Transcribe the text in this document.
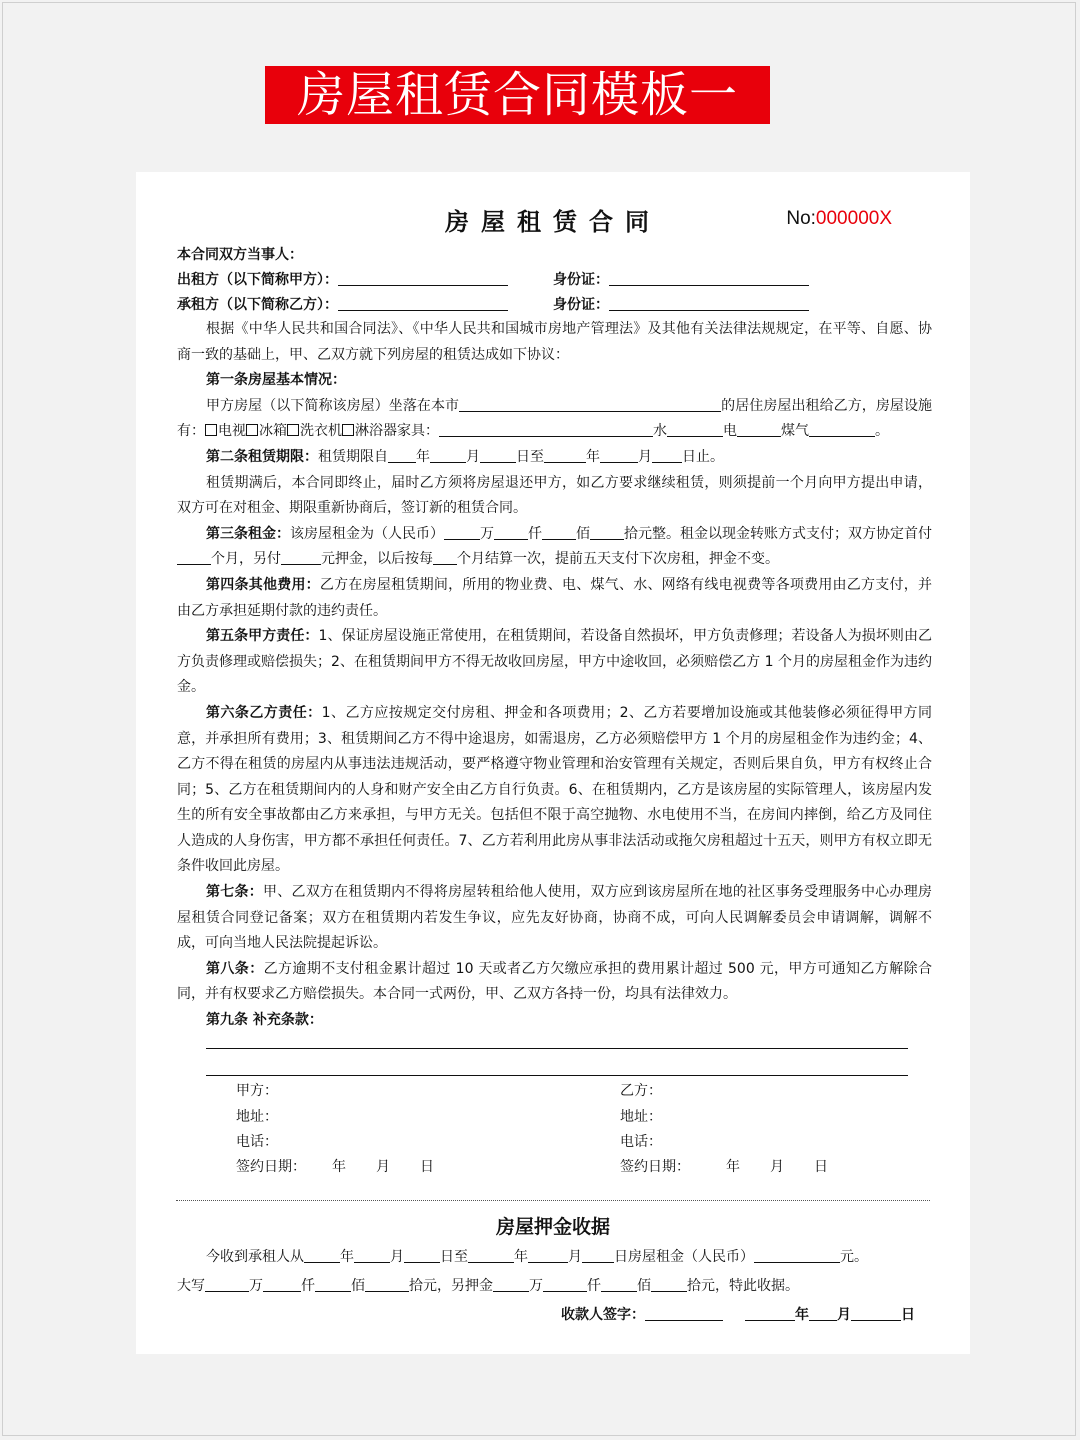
房屋租赁合同模板一
房屋租赁合同	No:000000X
本合同双方当事人：
出租方（以下简称甲方）：	身份证：
承租方（以下简称乙方）：	身份证：

根据《中华人民共和国合同法》、《中华人民共和国城市房地产管理法》及其他有关法律法规规定，在平等、自愿、协商一致的基础上，甲、乙双方就下列房屋的租赁达成如下协议：

第一条房屋基本情况：

甲方房屋（以下简称该房屋）坐落在本市	的居住房屋出租给乙方，房屋设施有： 电视 冰箱 洗衣机 淋浴器家具：	水	电	煤气	。

第二条租赁期限：租赁期限自 年	月	日至	年	月 日止。

租赁期满后，本合同即终止，届时乙方须将房屋退还甲方，如乙方要求继续租赁，则须提前一个月向甲方提出申请，双方可在对租金、期限重新协商后，签订新的租赁合同。

第三条租金：该房屋租金为（人民币）	万 仟 佰 拾元整。租金以现金转账方式支付；双方协定首付个月，另付	元押金，以后按每 个月结算一次，提前五天支付下次房租，押金不变。

第四条其他费用：乙方在房屋租赁期间，所用的物业费、电、煤气、水、网络有线电视费等各项费用由乙方支付，并由乙方承担延期付款的违约责任。

第五条甲方责任：1、保证房屋设施正常使用，在租赁期间，若设备自然损坏，甲方负责修理；若设备人为损坏则由乙方负责修理或赔偿损失；2、在租赁期间甲方不得无故收回房屋，甲方中途收回，必须赔偿乙方 1 个月的房屋租金作为违约金。

第六条乙方责任：1、乙方应按规定交付房租、押金和各项费用；2、乙方若要增加设施或其他装修必须征得甲方同意，并承担所有费用；3、租赁期间乙方不得中途退房，如需退房，乙方必须赔偿甲方 1 个月的房屋租金作为违约金；4、乙方不得在租赁的房屋内从事违法违规活动，要严格遵守物业管理和治安管理有关规定，否则后果自负，甲方有权终止合同；5、乙方在租赁期间内的人身和财产安全由乙方自行负责。6、在租赁期内，乙方是该房屋的实际管理人，该房屋内发生的所有安全事故都由乙方来承担，与甲方无关。包括但不限于高空抛物、水电使用不当，在房间内摔倒，给乙方及同住人造成的人身伤害，甲方都不承担任何责任。7、乙方若利用此房从事非法活动或拖欠房租超过十五天，则甲方有权立即无条件收回此房屋。

第七条：甲、乙双方在租赁期内不得将房屋转租给他人使用，双方应到该房屋所在地的社区事务受理服务中心办理房屋租赁合同登记备案；双方在租赁期内若发生争议，应先友好协商，协商不成，可向人民调解委员会申请调解，调解不成，可向当地人民法院提起诉讼。

第八条：乙方逾期不支付租金累计超过 10 天或者乙方欠缴应承担的费用累计超过 500 元，甲方可通知乙方解除合同，并有权要求乙方赔偿损失。本合同一式两份，甲、乙双方各持一份，均具有法律效力。

第九条 补充条款：

甲方：	乙方：
地址：	地址：
电话：	电话：
签约日期： 年 月 日	签约日期：	年 月 日
房屋押金收据
今收到承租人从	年	月	日至	年	月 日房屋租金（人民币）	元。
大写	万	仟	佰	拾元，另押金	万	仟	佰	拾元，特此收据。
收款人签字：	年 月	日
